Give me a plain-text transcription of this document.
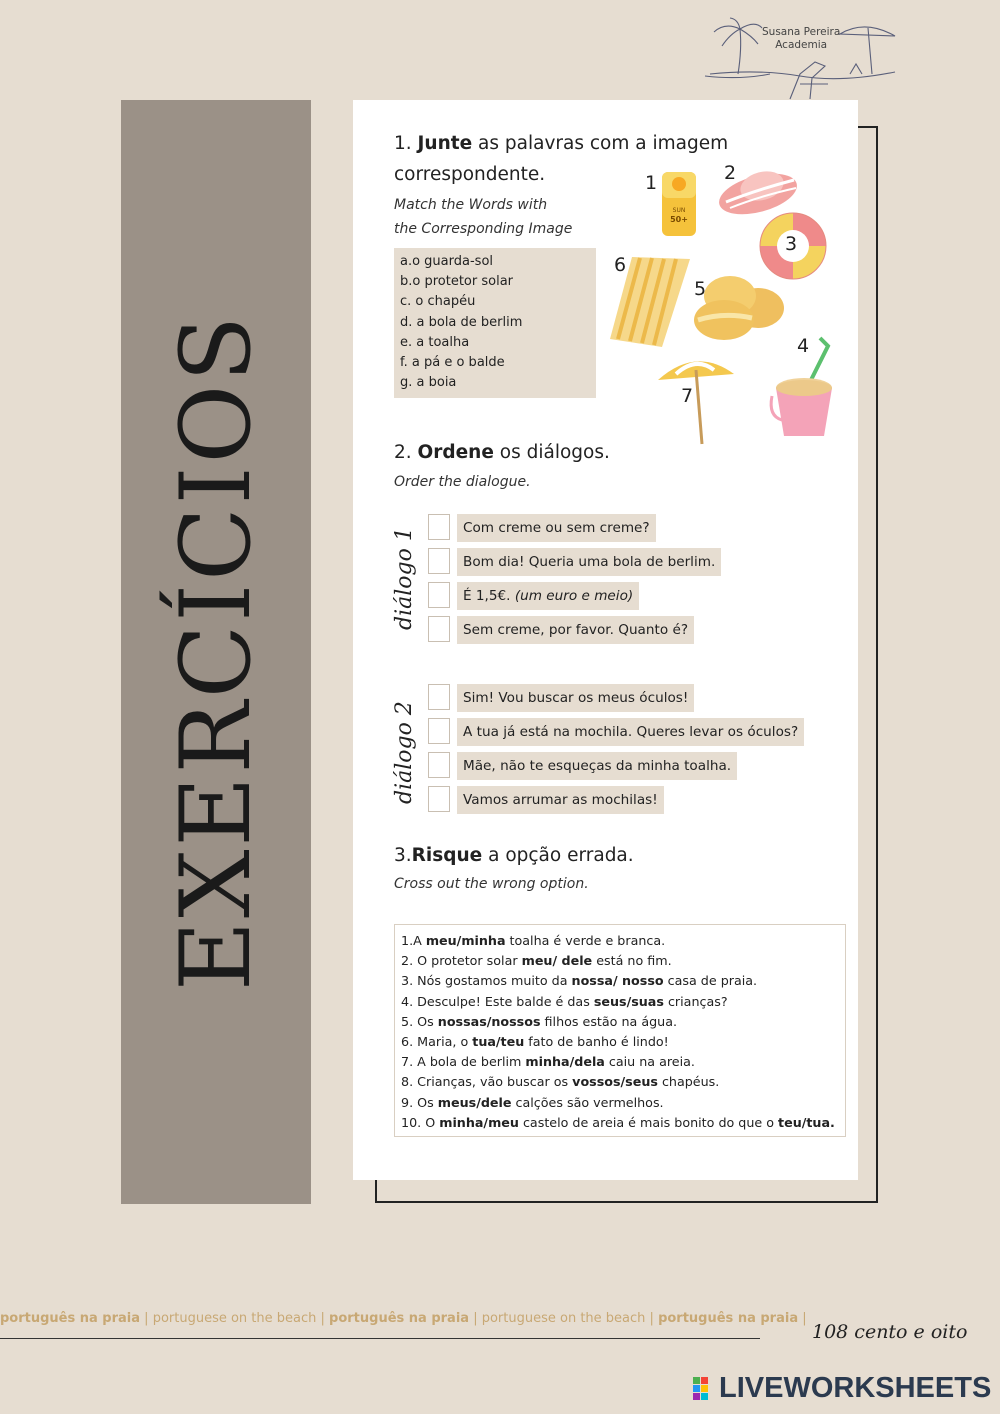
Susana Pereira
Academia
EXERCÍCIOS
1. Junte as palavras com a imagem
correspondente.
Match the Words with
the Corresponding Image
a.o guarda-sol
b.o protetor solar
c. o chapéu
d. a bola de berlim
e. a toalha
f. a pá e o balde
g. a boia
1
SUN
50+
2
3
6
5
4
7
2. Ordene os diálogos.
Order the dialogue.
diálogo 1	Com creme ou sem creme?
Bom dia! Queria uma bola de berlim.
É 1,5€. (um euro e meio)
Sem creme, por favor. Quanto é?
diálogo 2
Sim! Vou buscar os meus óculos!
A tua já está na mochila. Queres levar os óculos?
Mãe, não te esqueças da minha toalha.
Vamos arrumar as mochilas!
3.Risque a opção errada.
Cross out the wrong option.
1.A meu/minha toalha é verde e branca.
2. O protetor solar meu/ dele está no fim.
3. Nós gostamos muito da nossa/ nosso casa de praia.
4. Desculpe! Este balde é das seus/suas crianças?
5. Os nossas/nossos filhos estão na água.
6. Maria, o tua/teu fato de banho é lindo!
7. A bola de berlim minha/dela caiu na areia.
8. Crianças, vão buscar os vossos/seus chapéus.
9. Os meus/dele calções são vermelhos.
10. O minha/meu castelo de areia é mais bonito do que o teu/tua.
português na praia | portuguese on the beach | português na praia | portuguese on the beach | português na praia |
108 cento e oito
LIVEWORKSHEETS
